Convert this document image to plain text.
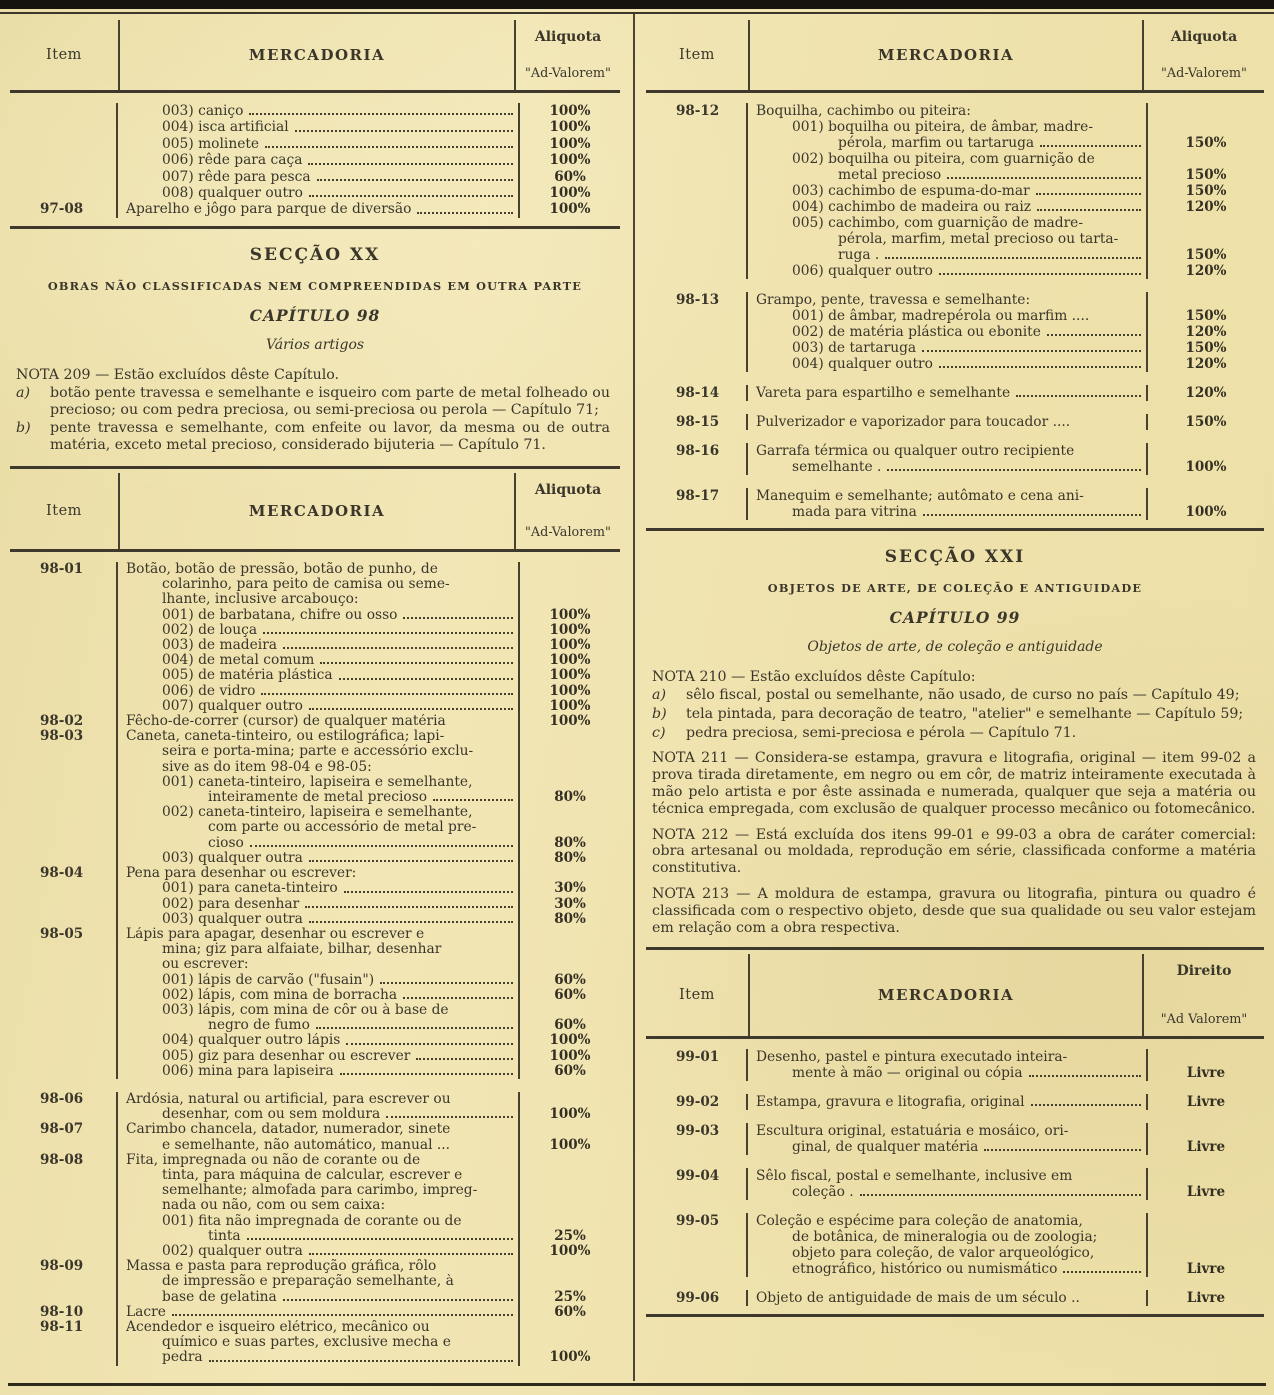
Item	MERCADORIA
Aliquota
"Ad-Valorem"
003) caniço	100%
004) isca artificial	100%
005) molinete	100%
006) rêde para caça	100%
007) rêde para pesca	60%
008) qualquer outro	100%
97-08	Aparelho e jôgo para parque de diversão	100%
SECÇÃO XX
OBRAS NÃO CLASSIFICADAS NEM COMPREENDIDAS EM OUTRA PARTE
CAPÍTULO 98
Vários artigos
NOTA 209 — Estão excluídos dêste Capítulo.
a)	botão pente travessa e semelhante e isqueiro com parte de metal folheado ou precioso; ou com pedra preciosa, ou semi-preciosa ou perola — Capítulo 71;
b)	pente travessa e semelhante, com enfeite ou lavor, da mesma ou de outra matéria, exceto metal precioso, considerado bijuteria — Capítulo 71.
Item	MERCADORIA
Aliquota
"Ad-Valorem"
98-01	Botão, botão de pressão, botão de punho, de
colarinho, para peito de camisa ou seme-
lhante, inclusive arcabouço:
001) de barbatana, chifre ou osso	100%
002) de louça	100%
003) de madeira	100%
004) de metal comum	100%
005) de matéria plástica	100%
006) de vidro	100%
007) qualquer outro	100%
98-02	Fêcho-de-correr (cursor) de qualquer matéria	100%
98-03	Caneta, caneta-tinteiro, ou estilográfica; lapi-
seira e porta-mina; parte e accessório exclu-
sive as do item 98-04 e 98-05:
001) caneta-tinteiro, lapiseira e semelhante,
inteiramente de metal precioso	80%
002) caneta-tinteiro, lapiseira e semelhante,
com parte ou accessório de metal pre-
cioso	80%
003) qualquer outra	80%
98-04	Pena para desenhar ou escrever:
001) para caneta-tinteiro	30%
002) para desenhar	30%
003) qualquer outra	80%
98-05	Lápis para apagar, desenhar ou escrever e
mina; giz para alfaiate, bilhar, desenhar
ou escrever:
001) lápis de carvão ("fusain")	60%
002) lápis, com mina de borracha	60%
003) lápis, com mina de côr ou à base de
negro de fumo	60%
004) qualquer outro lápis	100%
005) giz para desenhar ou escrever	100%
006) mina para lapiseira	60%
98-06	Ardósia, natural ou artificial, para escrever ou
desenhar, com ou sem moldura	100%
98-07	Carimbo chancela, datador, numerador, sinete
e semelhante, não automático, manual ...	100%
98-08	Fita, impregnada ou não de corante ou de
tinta, para máquina de calcular, escrever e
semelhante; almofada para carimbo, impreg-
nada ou não, com ou sem caixa:
001) fita não impregnada de corante ou de
tinta	25%
002) qualquer outra	100%
98-09	Massa e pasta para reprodução gráfica, rôlo
de impressão e preparação semelhante, à
base de gelatina	25%
98-10	Lacre	60%
98-11	Acendedor e isqueiro elétrico, mecânico ou
químico e suas partes, exclusive mecha e
pedra	100%
Item	MERCADORIA
Aliquota
"Ad-Valorem"
98-12	Boquilha, cachimbo ou piteira:
001) boquilha ou piteira, de âmbar, madre-
pérola, marfim ou tartaruga	150%
002) boquilha ou piteira, com guarnição de
metal precioso	150%
003) cachimbo de espuma-do-mar	150%
004) cachimbo de madeira ou raiz	120%
005) cachimbo, com guarnição de madre-
pérola, marfim, metal precioso ou tarta-
ruga .	150%
006) qualquer outro	120%
98-13	Grampo, pente, travessa e semelhante:
001) de âmbar, madrepérola ou marfim ....	150%
002) de matéria plástica ou ebonite	120%
003) de tartaruga	150%
004) qualquer outro	120%
98-14	Vareta para espartilho e semelhante	120%
98-15	Pulverizador e vaporizador para toucador ....	150%
98-16	Garrafa térmica ou qualquer outro recipiente
semelhante .	100%
98-17	Manequim e semelhante; autômato e cena ani-
mada para vitrina	100%
SECÇÃO XXI
OBJETOS DE ARTE, DE COLEÇÃO E ANTIGUIDADE
CAPÍTULO 99
Objetos de arte, de coleção e antiguidade
NOTA 210 — Estão excluídos dêste Capítulo:
a)	sêlo fiscal, postal ou semelhante, não usado, de curso no país — Capítulo 49;
b)	tela pintada, para decoração de teatro, "atelier" e semelhante — Capítulo 59;
c)	pedra preciosa, semi-preciosa e pérola — Capítulo 71.
NOTA 211 — Considera-se estampa, gravura e litografia, original — item 99-02 a prova tirada diretamente, em negro ou em côr, de matriz inteiramente executada à mão pelo artista e por êste assinada e numerada, qualquer que seja a matéria ou técnica empregada, com exclusão de qualquer processo mecânico ou fotomecânico.
NOTA 212 — Está excluída dos itens 99-01 e 99-03 a obra de caráter comercial: obra artesanal ou moldada, reprodução em série, classificada conforme a matéria constitutiva.
NOTA 213 — A moldura de estampa, gravura ou litografia, pintura ou quadro é classificada com o respectivo objeto, desde que sua qualidade ou seu valor estejam em relação com a obra respectiva.
Item	MERCADORIA
Direito
"Ad Valorem"
99-01	Desenho, pastel e pintura executado inteira-
mente à mão — original ou cópia	Livre
99-02	Estampa, gravura e litografia, original	Livre
99-03	Escultura original, estatuária e mosáico, ori-
ginal, de qualquer matéria	Livre
99-04	Sêlo fiscal, postal e semelhante, inclusive em
coleção .	Livre
99-05	Coleção e espécime para coleção de anatomia,
de botânica, de mineralogia ou de zoologia;
objeto para coleção, de valor arqueológico,
etnográfico, histórico ou numismático	Livre
99-06	Objeto de antiguidade de mais de um século ..	Livre
